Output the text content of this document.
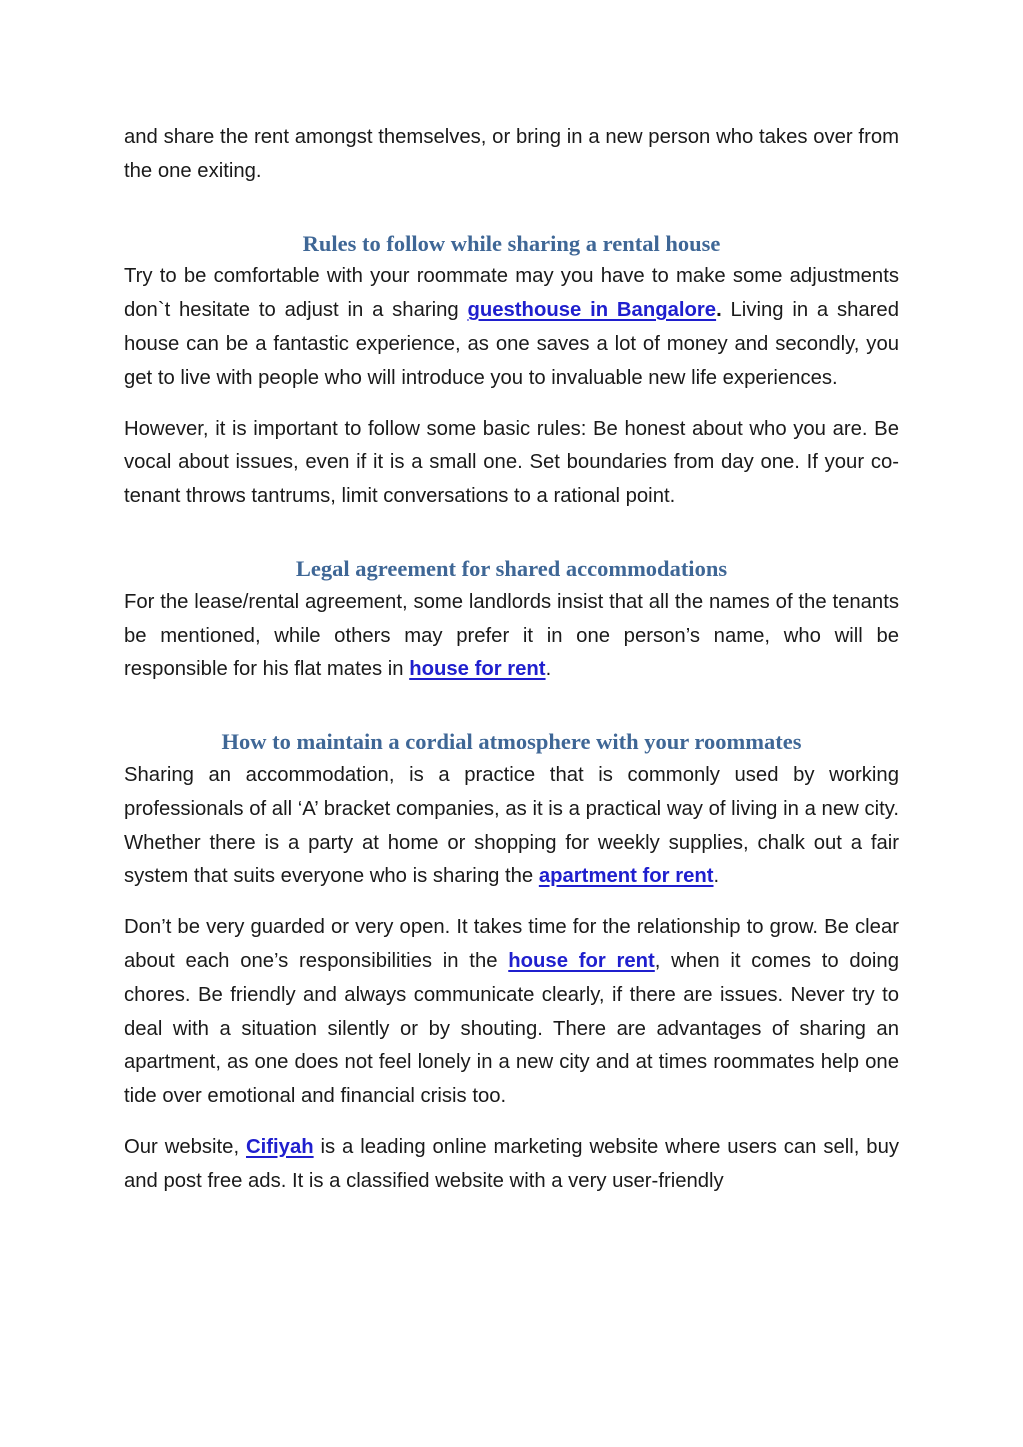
and share the rent amongst themselves, or bring in a new person who takes over from the one exiting.

Rules to follow while sharing a rental house

Try to be comfortable with your roommate may you have to make some adjustments don`t hesitate to adjust in a sharing guesthouse in Bangalore. Living in a shared house can be a fantastic experience, as one saves a lot of money and secondly, you get to live with people who will introduce you to invaluable new life experiences.

However, it is important to follow some basic rules: Be honest about who you are. Be vocal about issues, even if it is a small one. Set boundaries from day one. If your co-tenant throws tantrums, limit conversations to a rational point.

Legal agreement for shared accommodations

For the lease/rental agreement, some landlords insist that all the names of the tenants be mentioned, while others may prefer it in one person’s name, who will be responsible for his flat mates in house for rent.

How to maintain a cordial atmosphere with your roommates

Sharing an accommodation, is a practice that is commonly used by working professionals of all ‘A’ bracket companies, as it is a practical way of living in a new city. Whether there is a party at home or shopping for weekly supplies, chalk out a fair system that suits everyone who is sharing the apartment for rent.

Don’t be very guarded or very open. It takes time for the relationship to grow. Be clear about each one’s responsibilities in the house for rent, when it comes to doing chores. Be friendly and always communicate clearly, if there are issues. Never try to deal with a situation silently or by shouting. There are advantages of sharing an apartment, as one does not feel lonely in a new city and at times roommates help one tide over emotional and financial crisis too.

Our website, Cifiyah is a leading online marketing website where users can sell, buy and post free ads. It is a classified website with a very user-friendly
